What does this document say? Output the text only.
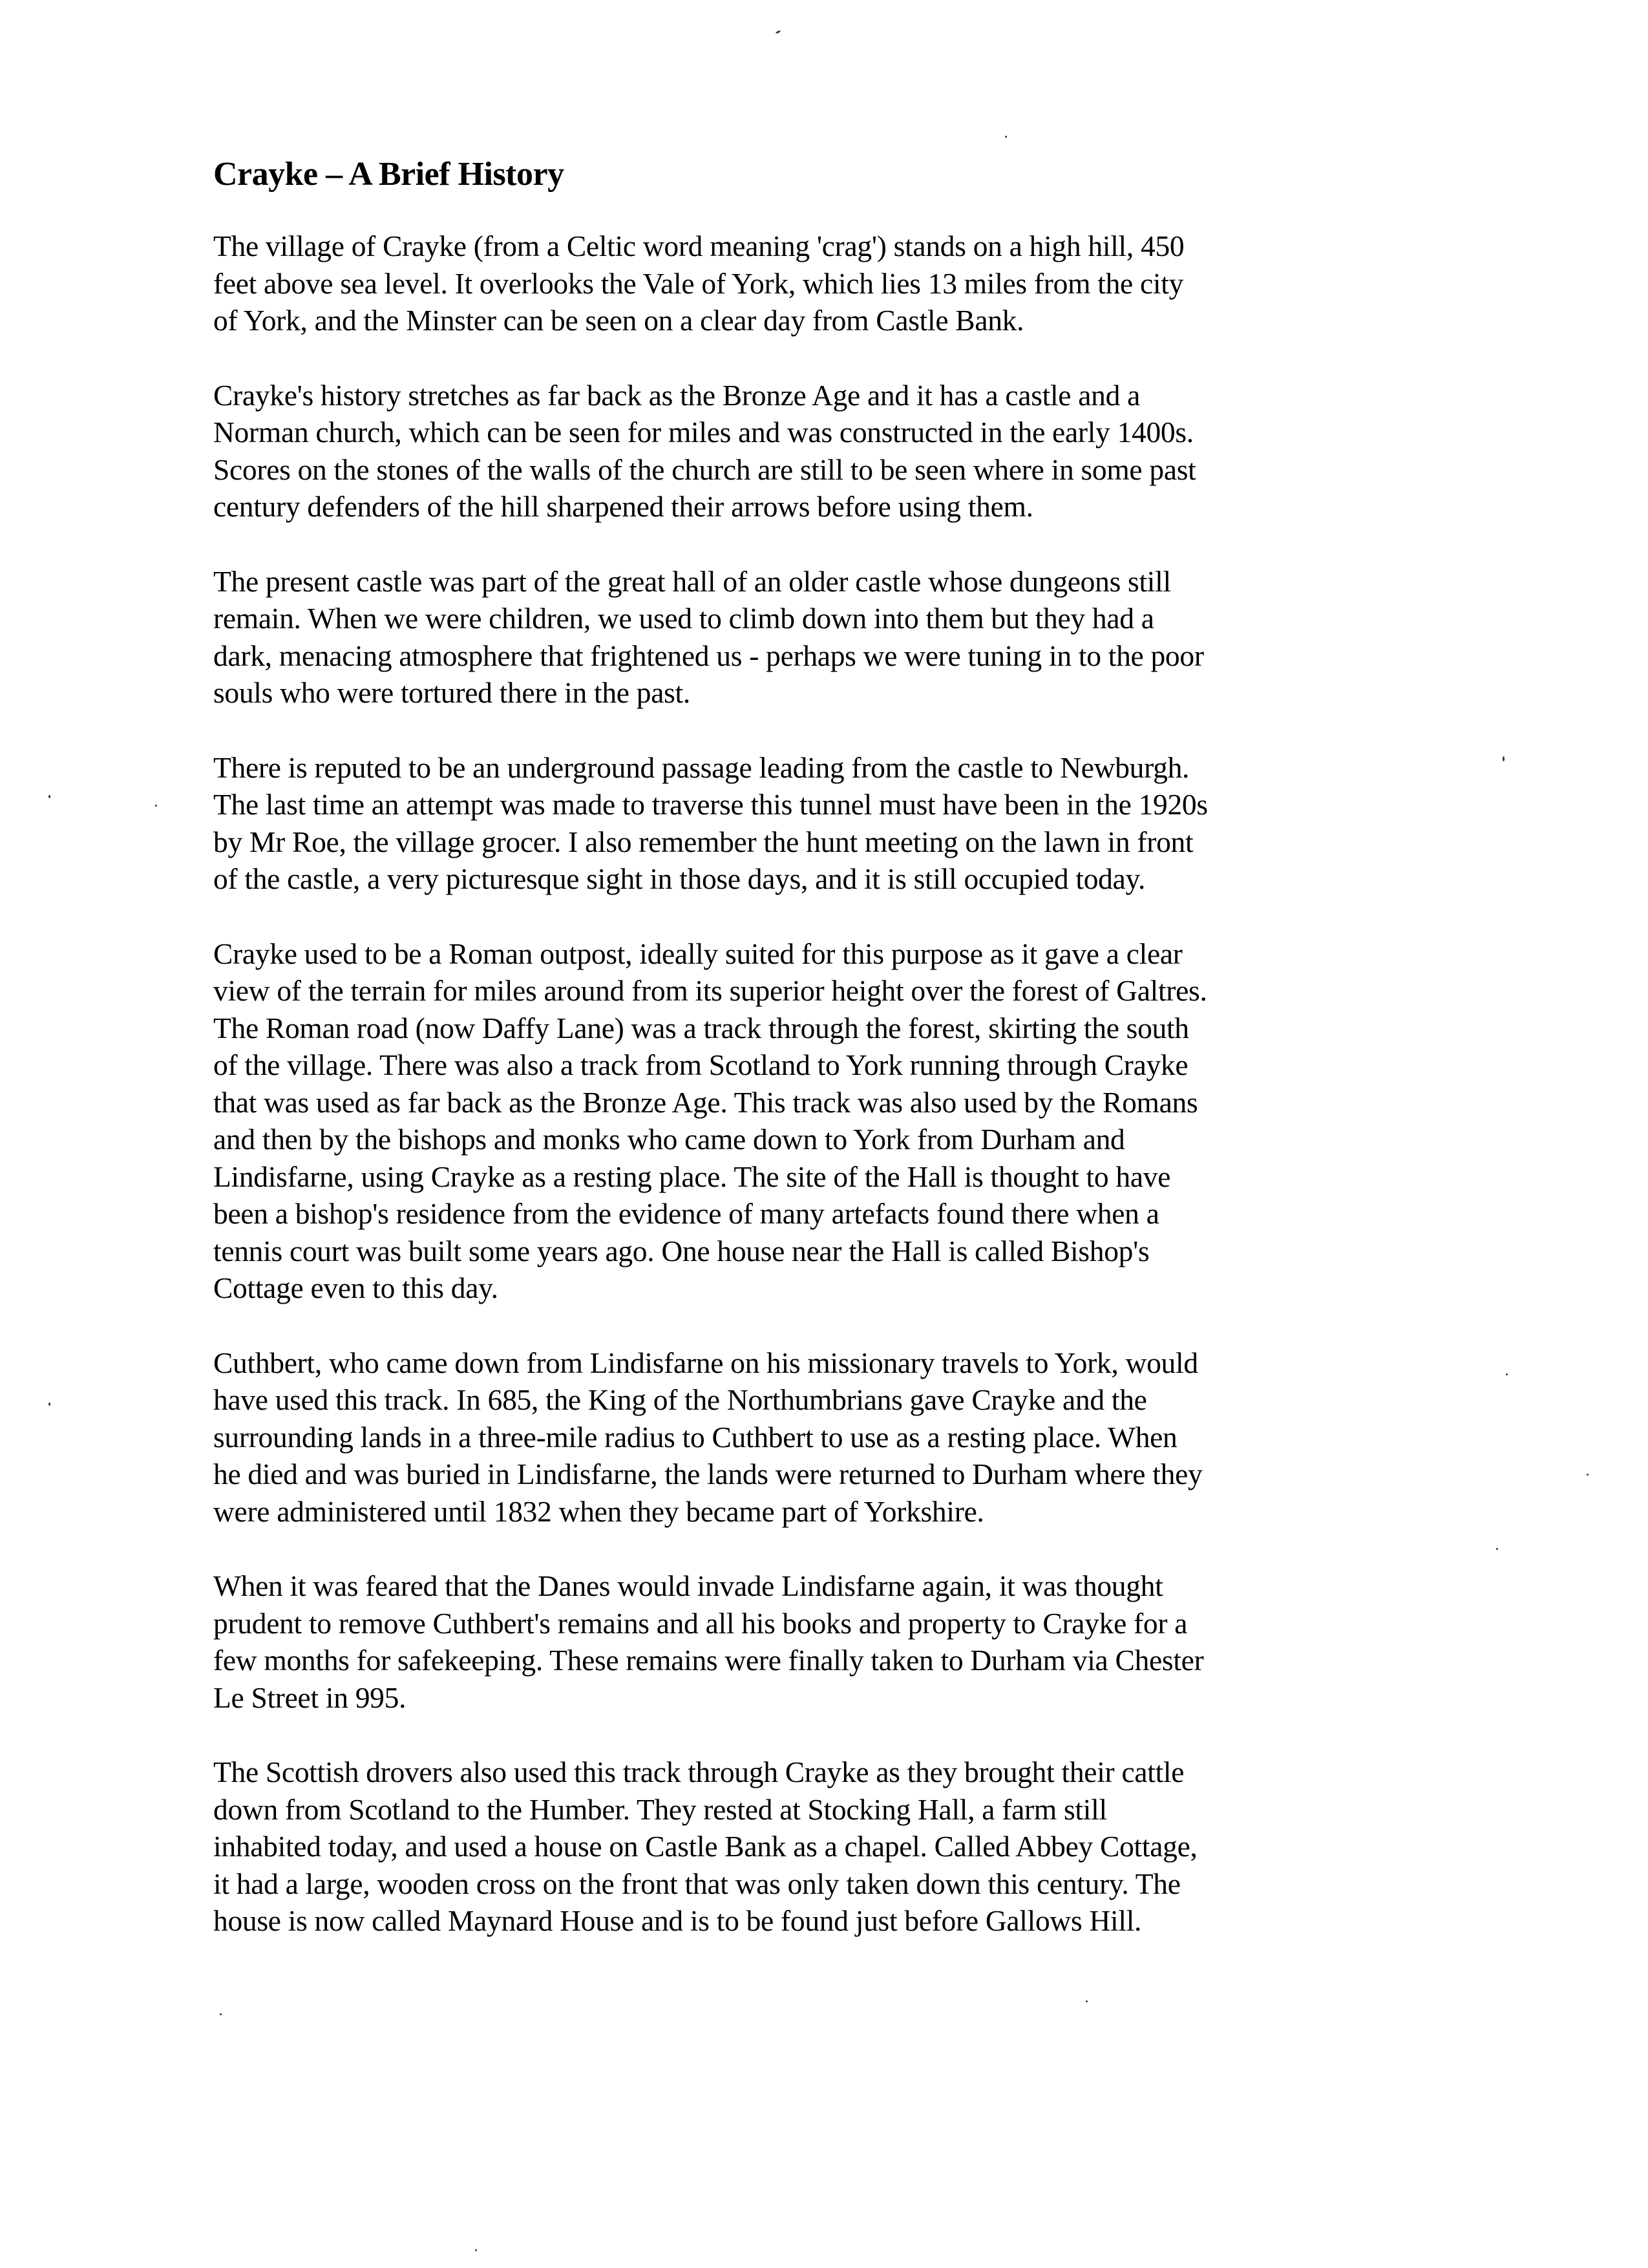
Crayke – A Brief History

The village of Crayke (from a Celtic word meaning 'crag') stands on a high hill, 450
feet above sea level. It overlooks the Vale of York, which lies 13 miles from the city
of York, and the Minster can be seen on a clear day from Castle Bank.

Crayke's history stretches as far back as the Bronze Age and it has a castle and a
Norman church, which can be seen for miles and was constructed in the early 1400s.
Scores on the stones of the walls of the church are still to be seen where in some past
century defenders of the hill sharpened their arrows before using them.

The present castle was part of the great hall of an older castle whose dungeons still
remain. When we were children, we used to climb down into them but they had a
dark, menacing atmosphere that frightened us - perhaps we were tuning in to the poor
souls who were tortured there in the past.

There is reputed to be an underground passage leading from the castle to Newburgh.
The last time an attempt was made to traverse this tunnel must have been in the 1920s
by Mr Roe, the village grocer. I also remember the hunt meeting on the lawn in front
of the castle, a very picturesque sight in those days, and it is still occupied today.

Crayke used to be a Roman outpost, ideally suited for this purpose as it gave a clear
view of the terrain for miles around from its superior height over the forest of Galtres.
The Roman road (now Daffy Lane) was a track through the forest, skirting the south
of the village. There was also a track from Scotland to York running through Crayke
that was used as far back as the Bronze Age. This track was also used by the Romans
and then by the bishops and monks who came down to York from Durham and
Lindisfarne, using Crayke as a resting place. The site of the Hall is thought to have
been a bishop's residence from the evidence of many artefacts found there when a
tennis court was built some years ago. One house near the Hall is called Bishop's
Cottage even to this day.

Cuthbert, who came down from Lindisfarne on his missionary travels to York, would
have used this track. In 685, the King of the Northumbrians gave Crayke and the
surrounding lands in a three-mile radius to Cuthbert to use as a resting place. When
he died and was buried in Lindisfarne, the lands were returned to Durham where they
were administered until 1832 when they became part of Yorkshire.

When it was feared that the Danes would invade Lindisfarne again, it was thought
prudent to remove Cuthbert's remains and all his books and property to Crayke for a
few months for safekeeping. These remains were finally taken to Durham via Chester
Le Street in 995.

The Scottish drovers also used this track through Crayke as they brought their cattle
down from Scotland to the Humber. They rested at Stocking Hall, a farm still
inhabited today, and used a house on Castle Bank as a chapel. Called Abbey Cottage,
it had a large, wooden cross on the front that was only taken down this century. The
house is now called Maynard House and is to be found just before Gallows Hill.
